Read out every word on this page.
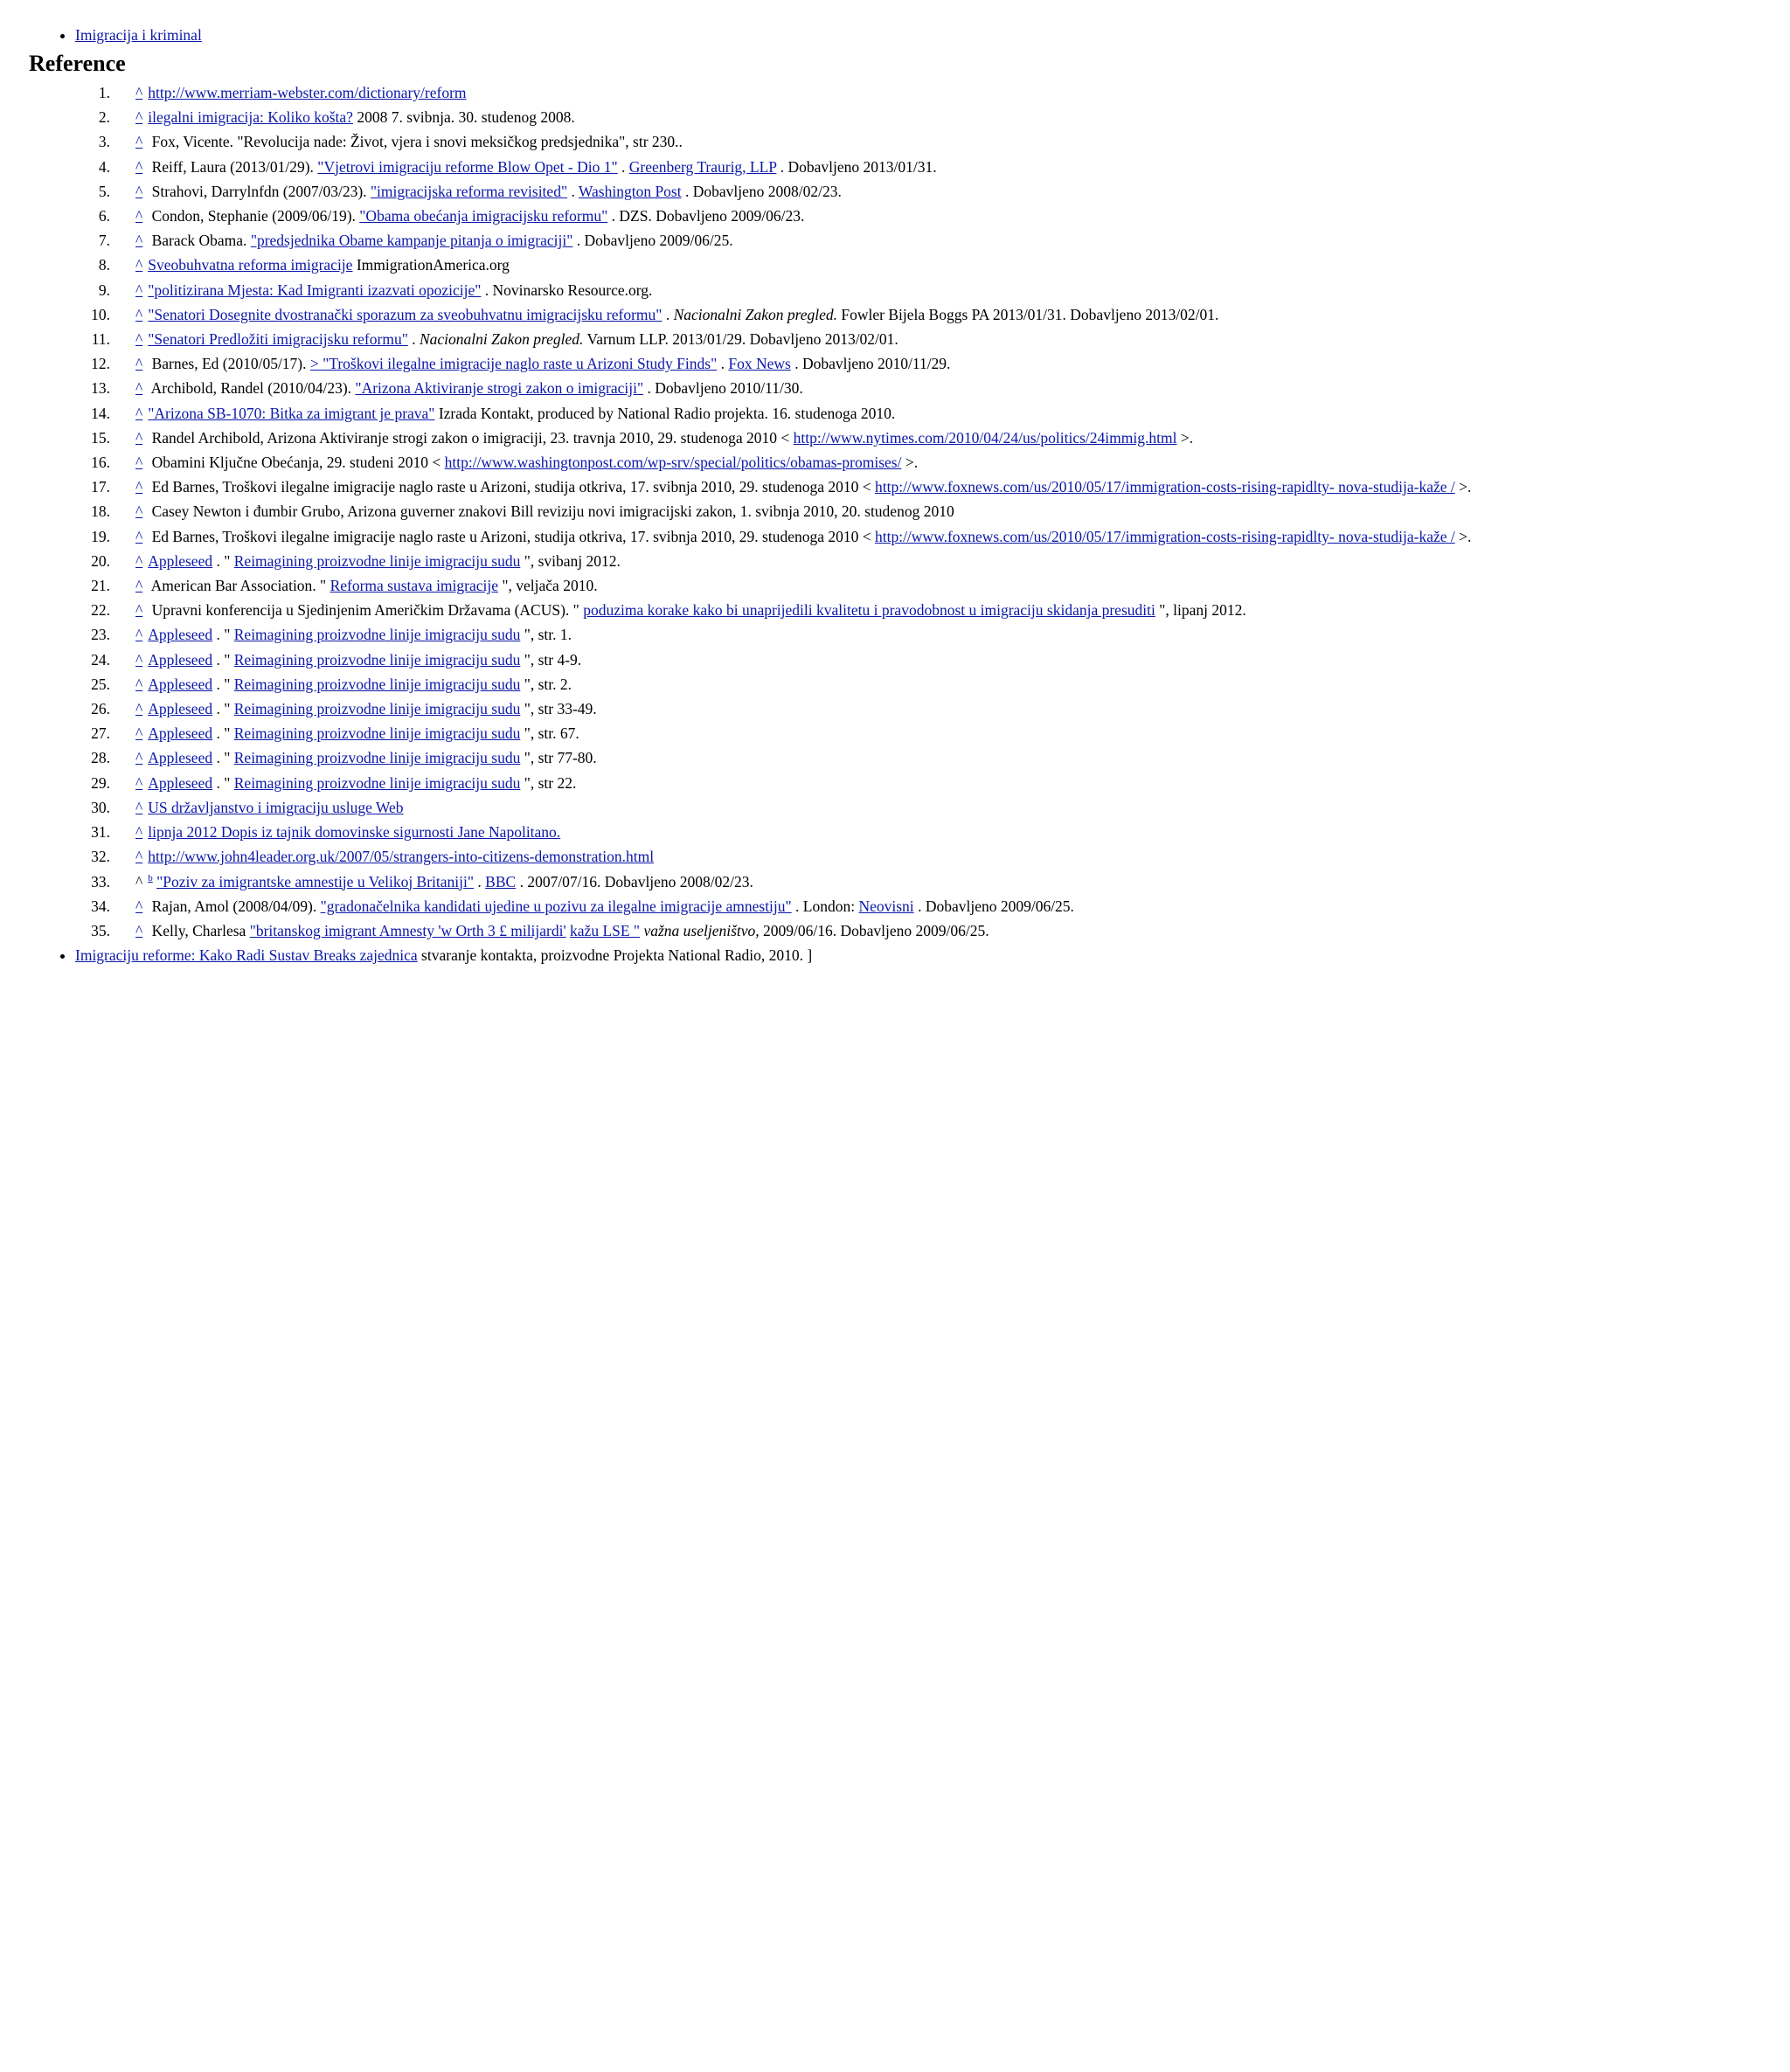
• Imigracija i kriminal
Reference
1. ^ http://www.merriam-webster.com/dictionary/reform
2. ^ ilegalni imigracija: Koliko košta? 2008 7. svibnja. 30. studenog 2008.
3. ^ Fox, Vicente. "Revolucija nade: Život, vjera i snovi meksičkog predsjednika", str 230..
4. ^ Reiff, Laura (2013/01/29). "Vjetrovi imigraciju reforme Blow Opet - Dio 1" . Greenberg Traurig, LLP . Dobavljeno 2013/01/31.
5. ^ Strahovi, Darrylnfdn (2007/03/23). "imigracijska reforma revisited" . Washington Post . Dobavljeno 2008/02/23.
6. ^ Condon, Stephanie (2009/06/19). "Obama obećanja imigracijsku reformu" . DZS. Dobavljeno 2009/06/23.
7. ^ Barack Obama. "predsjednika Obame kampanje pitanja o imigraciji" . Dobavljeno 2009/06/25.
8. ^ Sveobuhvatna reforma imigracije ImmigrationAmerica.org
9. ^ "politizirana Mjesta: Kad Imigranti izazvati opozicije" . Novinarsko Resource.org.
10. ^ "Senatori Dosegnite dvostranački sporazum za sveobuhvatnu imigracijsku reformu" . Nacionalni Zakon pregled. Fowler Bijela Boggs PA 2013/01/31. Dobavljeno 2013/02/01.
11. ^ "Senatori Predložiti imigracijsku reformu" . Nacionalni Zakon pregled. Varnum LLP. 2013/01/29. Dobavljeno 2013/02/01.
12. ^ Barnes, Ed (2010/05/17). > "Troškovi ilegalne imigracije naglo raste u Arizoni Study Finds" . Fox News . Dobavljeno 2010/11/29.
13. ^ Archibold, Randel (2010/04/23). "Arizona Aktiviranje strogi zakon o imigraciji" . Dobavljeno 2010/11/30.
14. ^ "Arizona SB-1070: Bitka za imigrant je prava" Izrada Kontakt, produced by National Radio projekta. 16. studenoga 2010.
15. ^ Randel Archibold, Arizona Aktiviranje strogi zakon o imigraciji, 23. travnja 2010, 29. studenoga 2010 < http://www.nytimes.com/2010/04/24/us/politics/24immig.html >.
16. ^ Obamini Ključne Obećanja, 29. studeni 2010 < http://www.washingtonpost.com/wp-srv/special/politics/obamas-promises/ >.
17. ^ Ed Barnes, Troškovi ilegalne imigracije naglo raste u Arizoni, studija otkriva, 17. svibnja 2010, 29. studenoga 2010 < http://www.foxnews.com/us/2010/05/17/immigration-costs-rising-rapidlty- nova-studija-kaže / >.
18. ^ Casey Newton i đumbir Grubo, Arizona guverner znakovi Bill reviziju novi imigracijski zakon, 1. svibnja 2010, 20. studenog 2010
19. ^ Ed Barnes, Troškovi ilegalne imigracije naglo raste u Arizoni, studija otkriva, 17. svibnja 2010, 29. studenoga 2010 < http://www.foxnews.com/us/2010/05/17/immigration-costs-rising-rapidlty- nova-studija-kaže / >.
20. ^ Appleseed . " Reimagining proizvodne linije imigraciju sudu ", svibanj 2012.
21. ^ American Bar Association. " Reforma sustava imigracije ", veljača 2010.
22. ^ Upravni konferencija u Sjedinjenim Američkim Državama (ACUS). " poduzima korake kako bi unaprijedili kvalitetu i pravodobnost u imigraciju skidanja presuditi ", lipanj 2012.
23. ^ Appleseed . " Reimagining proizvodne linije imigraciju sudu ", str. 1.
24. ^ Appleseed . " Reimagining proizvodne linije imigraciju sudu ", str 4-9.
25. ^ Appleseed . " Reimagining proizvodne linije imigraciju sudu ", str. 2.
26. ^ Appleseed . " Reimagining proizvodne linije imigraciju sudu ", str 33-49.
27. ^ Appleseed . " Reimagining proizvodne linije imigraciju sudu ", str. 67.
28. ^ Appleseed . " Reimagining proizvodne linije imigraciju sudu ", str 77-80.
29. ^ Appleseed . " Reimagining proizvodne linije imigraciju sudu ", str 22.
30. ^ US državljanstvo i imigraciju usluge Web
31. ^ lipnja 2012 Dopis iz tajnik domovinske sigurnosti Jane Napolitano.
32. ^ http://www.john4leader.org.uk/2007/05/strangers-into-citizens-demonstration.html
33. ^ $^b$ "Poziv za imigrantske amnestije u Velikoj Britaniji" . BBC . 2007/07/16. Dobavljeno 2008/02/23.
34. ^ Rajan, Amol (2008/04/09). "gradonačelnika kandidati ujedine u pozivu za ilegalne imigracije amnestiju" . London: Neovisni . Dobavljeno 2009/06/25.
35. ^ Kelly, Charlesa "britanskog imigrant Amnesty 'w Orth 3 £ milijardi' kažu LSE " važna useljeništvo, 2009/06/16. Dobavljeno 2009/06/25.
• Imigraciju reforme: Kako Radi Sustav Breaks zajednica stvaranje kontakta, proizvodne Projekta National Radio, 2010. ]
